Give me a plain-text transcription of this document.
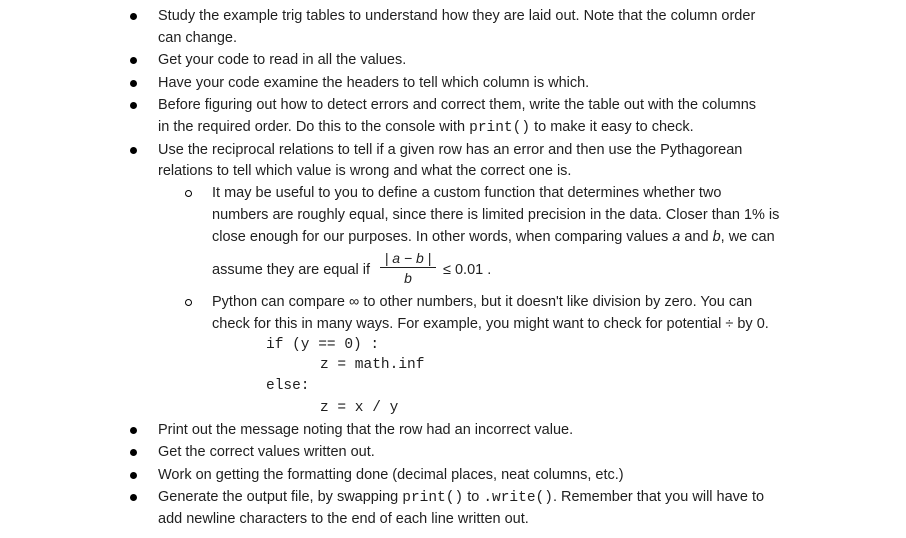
Study the example trig tables to understand how they are laid out. Note that the column order
can change.
Get your code to read in all the values.
Have your code examine the headers to tell which column is which.
Before figuring out how to detect errors and correct them, write the table out with the columns
in the required order. Do this to the console with print() to make it easy to check.
Use the reciprocal relations to tell if a given row has an error and then use the Pythagorean
relations to tell which value is wrong and what the correct one is.
It may be useful to you to define a custom function that determines whether two
numbers are roughly equal, since there is limited precision in the data. Closer than 1% is
close enough for our purposes. In other words, when comparing values a and b, we can
assume they are equal if
| a − b |
b	≤ 0.01 .
Python can compare ∞ to other numbers, but it doesn't like division by zero. You can
check for this in many ways. For example, you might want to check for potential ÷ by 0.
if (y == 0) :
z = math.inf
else:
z = x / y
Print out the message noting that the row had an incorrect value.
Get the correct values written out.
Work on getting the formatting done (decimal places, neat columns, etc.)
Generate the output file, by swapping print() to .write(). Remember that you will have to
add newline characters to the end of each line written out.
